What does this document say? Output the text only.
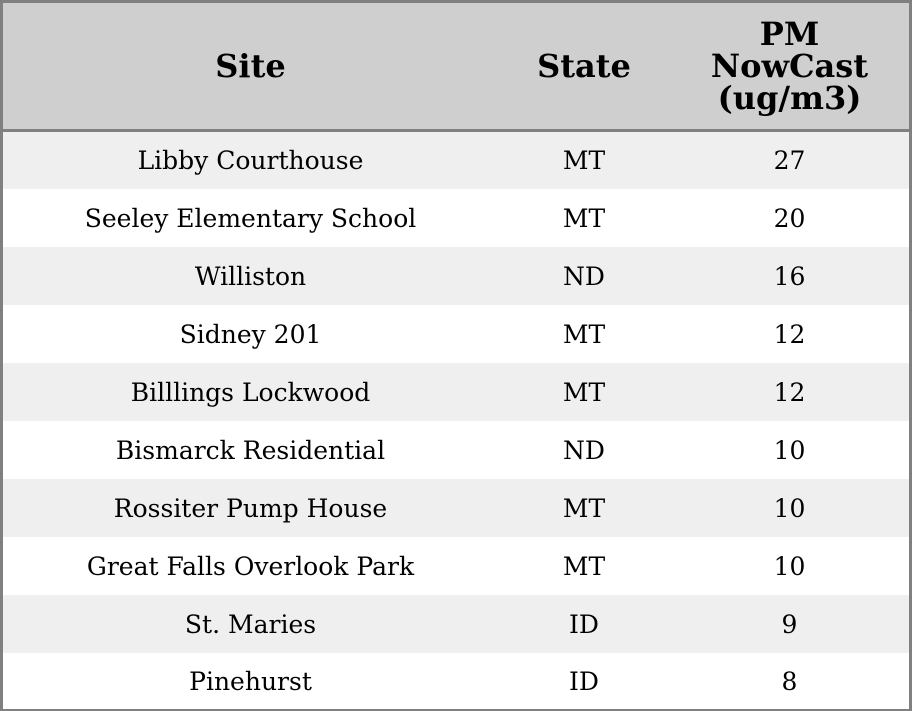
Site	State	PM
NowCast
(ug/m3)

Libby Courthouse	MT	27
Seeley Elementary School	MT	20
Williston	ND	16
Sidney 201	MT	12
Billlings Lockwood	MT	12
Bismarck Residential	ND	10
Rossiter Pump House	MT	10
Great Falls Overlook Park	MT	10
St. Maries	ID	9
Pinehurst	ID	8
